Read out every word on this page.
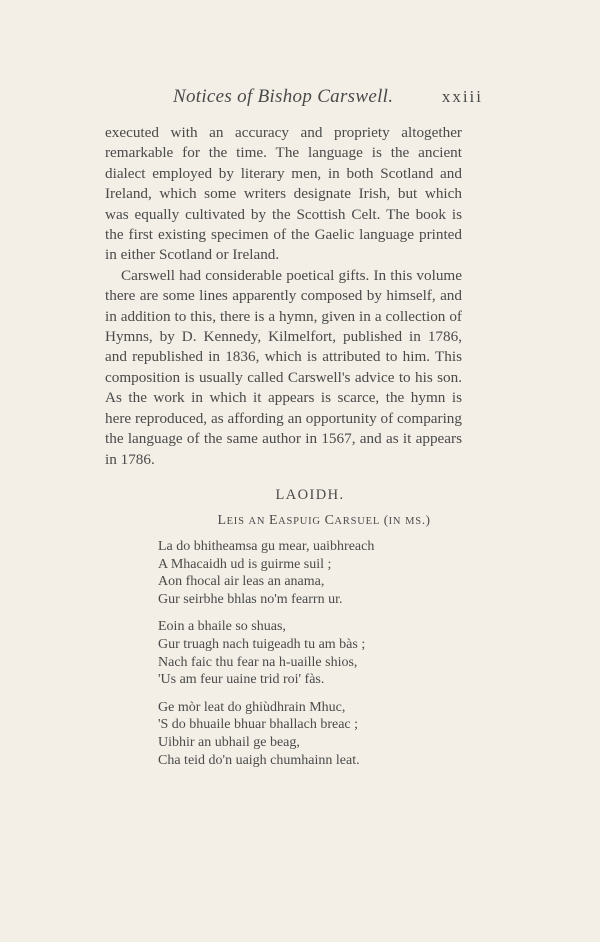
Notices of Bishop Carswell.	xxiii

executed with an accuracy and propriety altogether remarkable for the time. The language is the ancient dialect employed by literary men, in both Scotland and Ireland, which some writers designate Irish, but which was equally cultivated by the Scottish Celt. The book is the first existing specimen of the Gaelic language printed in either Scotland or Ireland.

Carswell had considerable poetical gifts. In this volume there are some lines apparently composed by himself, and in addition to this, there is a hymn, given in a collection of Hymns, by D. Kennedy, Kilmelfort, published in 1786, and republished in 1836, which is attributed to him. This composition is usually called Carswell's advice to his son. As the work in which it appears is scarce, the hymn is here reproduced, as affording an opportunity of comparing the language of the same author in 1567, and as it appears in 1786.

LAOIDH.
LEIS AN EASPUIG CARSUEL (IN MS.)
La do bhitheamsa gu mear, uaibhreach
A Mhacaidh ud is guirme suil ;
Aon fhocal air leas an anama,
Gur seirbhe bhlas no'm fearrn ur.
Eoin a bhaile so shuas,
Gur truagh nach tuigeadh tu am bàs ;
Nach faic thu fear na h-uaille shios,
'Us am feur uaine trid roi' fàs.
Ge mòr leat do ghiùdhrain Mhuc,
'S do bhuaile bhuar bhallach breac ;
Uibhir an ubhail ge beag,
Cha teid do'n uaigh chumhainn leat.
